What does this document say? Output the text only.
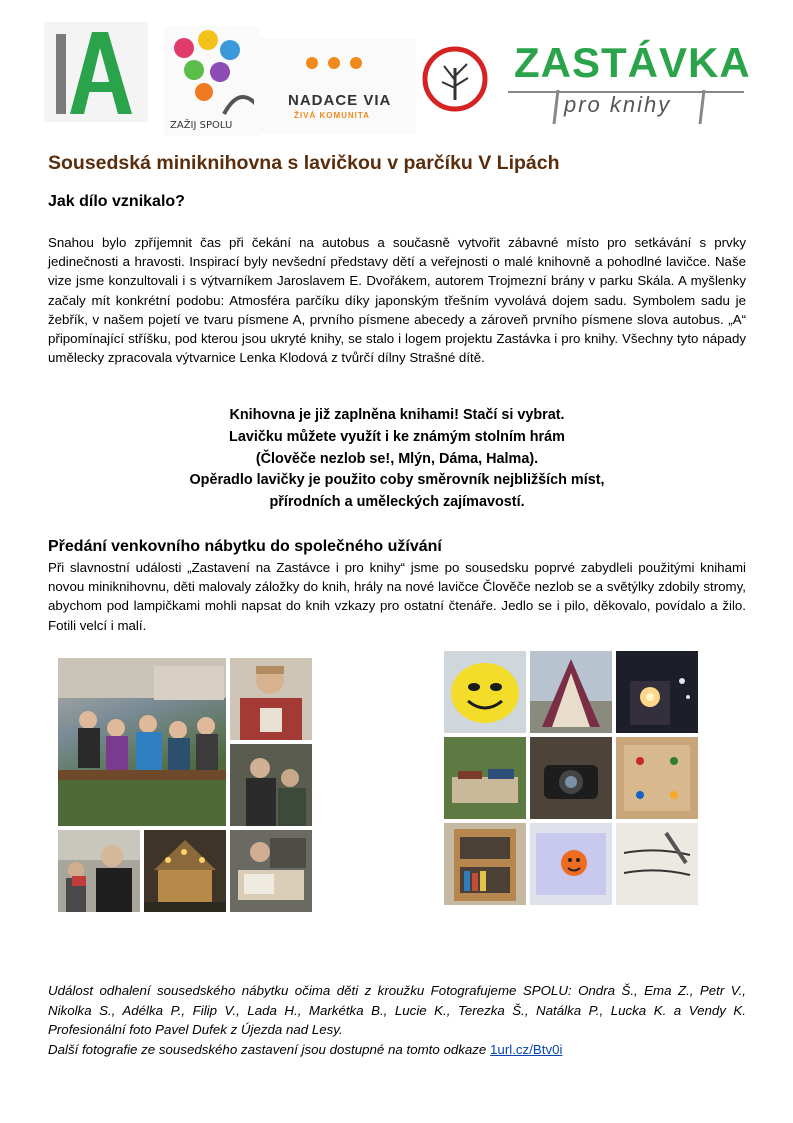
ZAŽIJ SPOLU
NADACE VIA
ŽIVÁ KOMUNITA
ZASTÁVKA
pro knihy
Sousedská miniknihovna s lavičkou v parčíku V Lipách
Jak dílo vznikalo?

Snahou bylo zpříjemnit čas při čekání na autobus a současně vytvořit zábavné místo pro setkávání s prvky jedinečnosti a hravosti. Inspirací byly nevšední představy dětí a veřejnosti o malé knihovně a pohodlné lavičce. Naše vize jsme konzultovali i s výtvarníkem Jaroslavem E. Dvořákem, autorem Trojmezní brány v parku Skála. A myšlenky začaly mít konkrétní podobu: Atmosféra parčíku díky japonským třešním vyvolává dojem sadu. Symbolem sadu je žebřík, v našem pojetí ve tvaru písmene A, prvního písmene abecedy a zároveň prvního písmene slova autobus. „A“ připomínající stříšku, pod kterou jsou ukryté knihy, se stalo i logem projektu Zastávka i pro knihy. Všechny tyto nápady umělecky zpracovala výtvarnice Lenka Klodová z tvůrčí dílny Strašné dítě.

Knihovna je již zaplněna knihami! Stačí si vybrat.
Lavičku můžete využít i ke známým stolním hrám
(Člověče nezlob se!, Mlýn, Dáma, Halma).
Opěradlo lavičky je použito coby směrovník nejbližších míst,
přírodních a uměleckých zajímavostí.
Předání venkovního nábytku do společného užívání

Při slavnostní události „Zastavení na Zastávce i pro knihy“ jsme po sousedsku poprvé zabydleli použitými knihami novou miniknihovnu, děti malovaly záložky do knih, hrály na nové lavičce Člověče nezlob se a světýlky zdobily stromy, abychom pod lampičkami mohli napsat do knih vzkazy pro ostatní čtenáře. Jedlo se i pilo, děkovalo, povídalo a žilo. Fotili velcí i malí.

Událost odhalení sousedského nábytku očima děti z kroužku Fotografujeme SPOLU: Ondra Š., Ema Z., Petr V., Nikolka S., Adélka P., Filip V., Lada H., Markétka B., Lucie K., Terezka Š., Natálka P., Lucka K. a Vendy K. Profesionální foto Pavel Dufek z Újezda nad Lesy.
Další fotografie ze sousedského zastavení jsou dostupné na tomto odkaze 1url.cz/Btv0i
